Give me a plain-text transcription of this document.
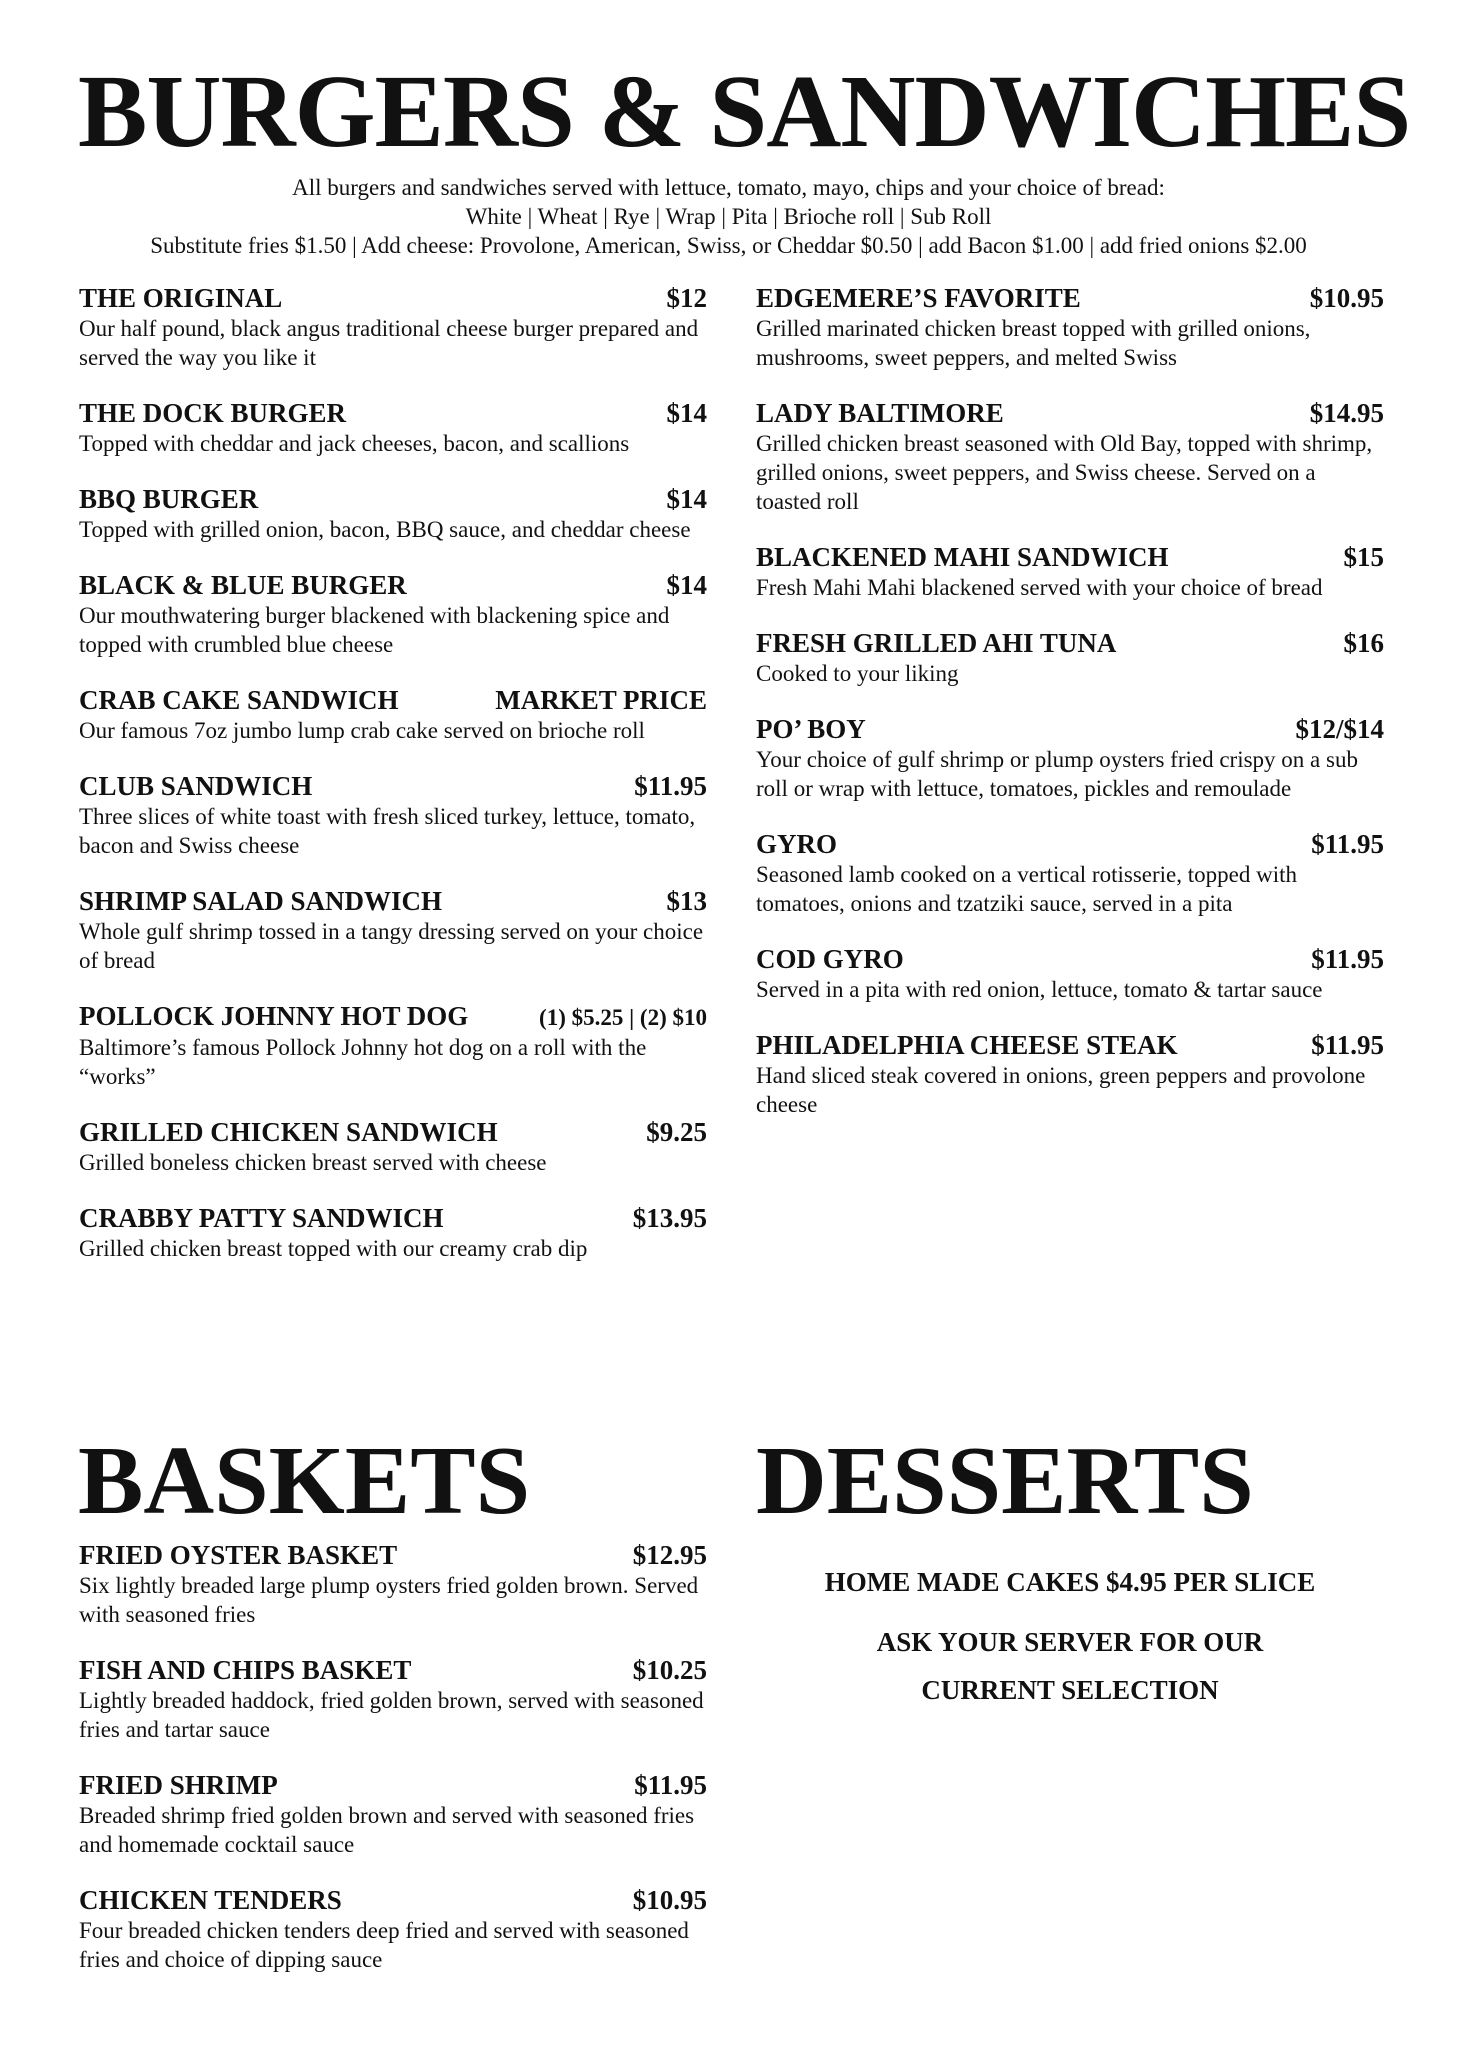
BURGERS & SANDWICHES
All burgers and sandwiches served with lettuce, tomato, mayo, chips and your choice of bread:
White | Wheat | Rye | Wrap | Pita | Brioche roll | Sub Roll
Substitute fries $1.50 | Add cheese: Provolone, American, Swiss, or Cheddar $0.50 | add Bacon $1.00 | add fried onions $2.00
THE ORIGINAL	$12
Our half pound, black angus traditional cheese burger prepared and served the way you like it
THE DOCK BURGER	$14
Topped with cheddar and jack cheeses, bacon, and scallions
BBQ BURGER	$14
Topped with grilled onion, bacon, BBQ sauce, and cheddar cheese
BLACK & BLUE BURGER	$14
Our mouthwatering burger blackened with blackening spice and topped with crumbled blue cheese
CRAB CAKE SANDWICH	MARKET PRICE
Our famous 7oz jumbo lump crab cake served on brioche roll
CLUB SANDWICH	$11.95
Three slices of white toast with fresh sliced turkey, lettuce, tomato, bacon and Swiss cheese
SHRIMP SALAD SANDWICH	$13
Whole gulf shrimp tossed in a tangy dressing served on your choice of bread
POLLOCK JOHNNY HOT DOG	(1) $5.25 | (2) $10
Baltimore’s famous Pollock Johnny hot dog on a roll with the “works”
GRILLED CHICKEN SANDWICH	$9.25
Grilled boneless chicken breast served with cheese
CRABBY PATTY SANDWICH	$13.95
Grilled chicken breast topped with our creamy crab dip
EDGEMERE’S FAVORITE	$10.95
Grilled marinated chicken breast topped with grilled onions, mushrooms, sweet peppers, and melted Swiss
LADY BALTIMORE	$14.95
Grilled chicken breast seasoned with Old Bay, topped with shrimp, grilled onions, sweet peppers, and Swiss cheese. Served on a toasted roll
BLACKENED MAHI SANDWICH	$15
Fresh Mahi Mahi blackened served with your choice of bread
FRESH GRILLED AHI TUNA	$16
Cooked to your liking
PO’ BOY	$12/$14
Your choice of gulf shrimp or plump oysters fried crispy on a sub roll or wrap with lettuce, tomatoes, pickles and remoulade
GYRO	$11.95
Seasoned lamb cooked on a vertical rotisserie, topped with tomatoes, onions and tzatziki sauce, served in a pita
COD GYRO	$11.95
Served in a pita with red onion, lettuce, tomato & tartar sauce
PHILADELPHIA CHEESE STEAK	$11.95
Hand sliced steak covered in onions, green peppers and provolone cheese
BASKETS
FRIED OYSTER BASKET	$12.95
Six lightly breaded large plump oysters fried golden brown. Served with seasoned fries
FISH AND CHIPS BASKET	$10.25
Lightly breaded haddock, fried golden brown, served with seasoned fries and tartar sauce
FRIED SHRIMP	$11.95
Breaded shrimp fried golden brown and served with seasoned fries and homemade cocktail sauce
CHICKEN TENDERS	$10.95
Four breaded chicken tenders deep fried and served with seasoned fries and choice of dipping sauce
DESSERTS
HOME MADE CAKES $4.95 PER SLICE
ASK YOUR SERVER FOR OUR
CURRENT SELECTION
